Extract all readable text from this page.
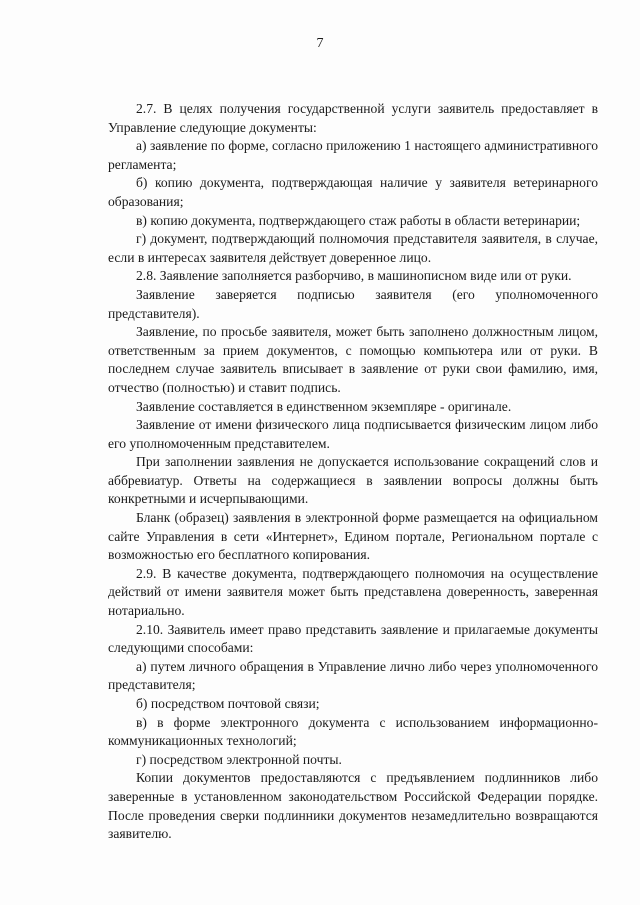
7

2.7. В целях получения государственной услуги заявитель предоставляет в Управление следующие документы:

а) заявление по форме, согласно приложению 1 настоящего административного регламента;

б) копию документа, подтверждающая наличие у заявителя ветеринарного образования;

в) копию документа, подтверждающего стаж работы в области ветеринарии;

г) документ, подтверждающий полномочия представителя заявителя, в случае, если в интересах заявителя действует доверенное лицо.

2.8. Заявление заполняется разборчиво, в машинописном виде или от руки.

Заявление заверяется подписью заявителя (его уполномоченного представителя).

Заявление, по просьбе заявителя, может быть заполнено должностным лицом, ответственным за прием документов, с помощью компьютера или от руки. В последнем случае заявитель вписывает в заявление от руки свои фамилию, имя, отчество (полностью) и ставит подпись.

Заявление составляется в единственном экземпляре - оригинале.

Заявление от имени физического лица подписывается физическим лицом либо его уполномоченным представителем.

При заполнении заявления не допускается использование сокращений слов и аббревиатур. Ответы на содержащиеся в заявлении вопросы должны быть конкретными и исчерпывающими.

Бланк (образец) заявления в электронной форме размещается на официальном сайте Управления в сети «Интернет», Едином портале, Региональном портале с возможностью его бесплатного копирования.

2.9. В качестве документа, подтверждающего полномочия на осуществление действий от имени заявителя может быть представлена доверенность, заверенная нотариально.

2.10. Заявитель имеет право представить заявление и прилагаемые документы следующими способами:

а) путем личного обращения в Управление лично либо через уполномоченного представителя;

б) посредством почтовой связи;

в) в форме электронного документа с использованием информационно-коммуникационных технологий;

г) посредством электронной почты.

Копии документов предоставляются с предъявлением подлинников либо заверенные в установленном законодательством Российской Федерации порядке. После проведения сверки подлинники документов незамедлительно возвращаются заявителю.
